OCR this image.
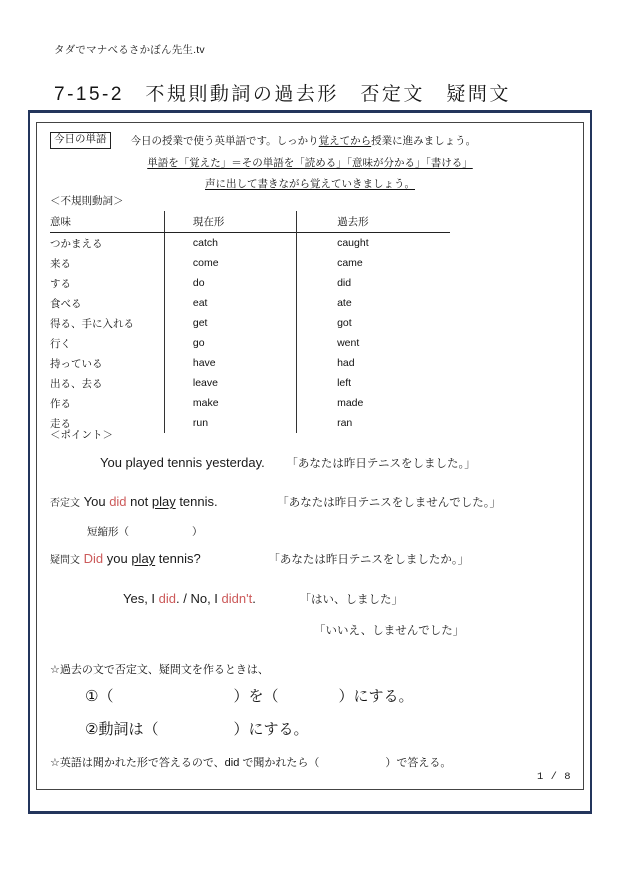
タダでマナべるさかぼん先生.tv
7-15-2　不規則動詞の過去形　否定文　疑問文
今日の単語	今日の授業で使う英単語です。しっかり 覚えてから 授業に進みましょう。
単語を「覚えた」＝その単語を「読める」「意味が分かる」「書ける」
声に出して書きながら覚えていきましょう。
＜不規則動詞＞
意味	現在形	過去形
つかまえる	catch	caught
来る	come	came
する	do	did
食べる	eat	ate
得る、手に入れる	get	got
行く	go	went
持っている	have	had
出る、去る	leave	left
作る	make	made
走る	run	ran
＜ポイント＞
You played tennis yesterday. 「あなたは昨日テニスをしました。」
否定文 You did not play tennis.	「あなたは昨日テニスをしませんでした。」
短縮形（　　　　　　）
疑問文 Did you play tennis?	「あなたは昨日テニスをしましたか。」
Yes, I did. / No, I didn't.	「はい、しました」
「いいえ、しませんでした」
☆過去の文で否定文、疑問文を作るときは、
①（　　　　　　　　）を（　　　　）にする。
②動詞は（　　　　　）にする。
☆英語は聞かれた形で答えるので、did で聞かれたら（　　　　　　）で答える。
1 / 8
